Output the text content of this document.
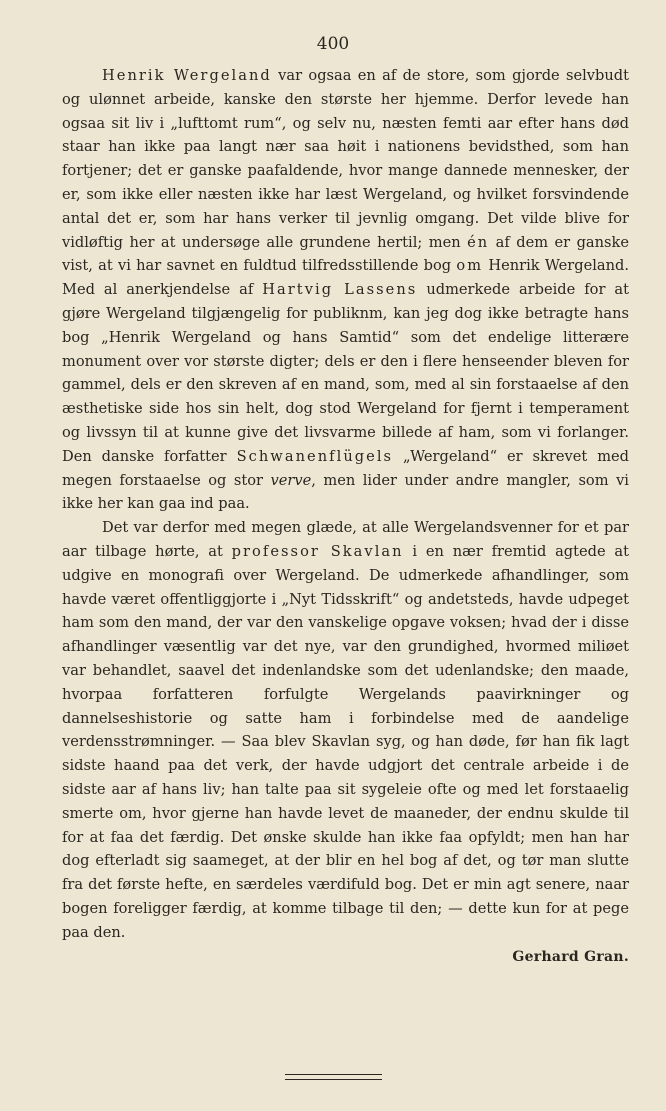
400

Henrik Wergeland var ogsaa en af de store, som gjorde selvbudt og ulønnet arbeide, kanske den største her hjemme. Derfor levede han ogsaa sit liv i „lufttomt rum“, og selv nu, næsten femti aar efter hans død staar han ikke paa langt nær saa høit i nationens bevidsthed, som han fortjener; det er ganske paafaldende, hvor mange dannede mennesker, der er, som ikke eller næsten ikke har læst Wergeland, og hvilket forsvindende antal det er, som har hans verker til jevnlig omgang. Det vilde blive for vidløftig her at undersøge alle grundene hertil; men én af dem er ganske vist, at vi har savnet en fuldtud tilfredsstillende bog om Henrik Wergeland. Med al anerkjendelse af Hartvig Lassens udmerkede arbeide for at gjøre Wergeland tilgjængelig for publiknm, kan jeg dog ikke betragte hans bog „Henrik Wergeland og hans Samtid“ som det endelige litterære monument over vor største digter; dels er den i flere henseender bleven for gammel, dels er den skreven af en mand, som, med al sin forstaaelse af den æsthetiske side hos sin helt, dog stod Wergeland for fjernt i temperament og livssyn til at kunne give det livsvarme billede af ham, som vi forlanger. Den danske forfatter Schwanenflügels „Wergeland“ er skrevet med megen forstaaelse og stor verve, men lider under andre mangler, som vi ikke her kan gaa ind paa.

Det var derfor med megen glæde, at alle Wergelandsvenner for et par aar tilbage hørte, at professor Skavlan i en nær fremtid agtede at udgive en monografi over Wergeland. De udmerkede afhandlinger, som havde været offentliggjorte i „Nyt Tidsskrift“ og andetsteds, havde udpeget ham som den mand, der var den vanskelige opgave voksen; hvad der i disse afhandlinger væsentlig var det nye, var den grundighed, hvormed miliøet var behandlet, saavel det indenlandske som det udenlandske; den maade, hvorpaa forfatteren forfulgte Wergelands paavirkninger og dannelseshistorie og satte ham i forbindelse med de aandelige verdensstrømninger. — Saa blev Skavlan syg, og han døde, før han fik lagt sidste haand paa det verk, der havde udgjort det centrale arbeide i de sidste aar af hans liv; han talte paa sit sygeleie ofte og med let forstaaelig smerte om, hvor gjerne han havde levet de maaneder, der endnu skulde til for at faa det færdig. Det ønske skulde han ikke faa opfyldt; men han har dog efterladt sig saameget, at der blir en hel bog af det, og tør man slutte fra det første hefte, en særdeles værdifuld bog. Det er min agt senere, naar bogen foreligger færdig, at komme tilbage til den; — dette kun for at pege paa den.

Gerhard Gran.
